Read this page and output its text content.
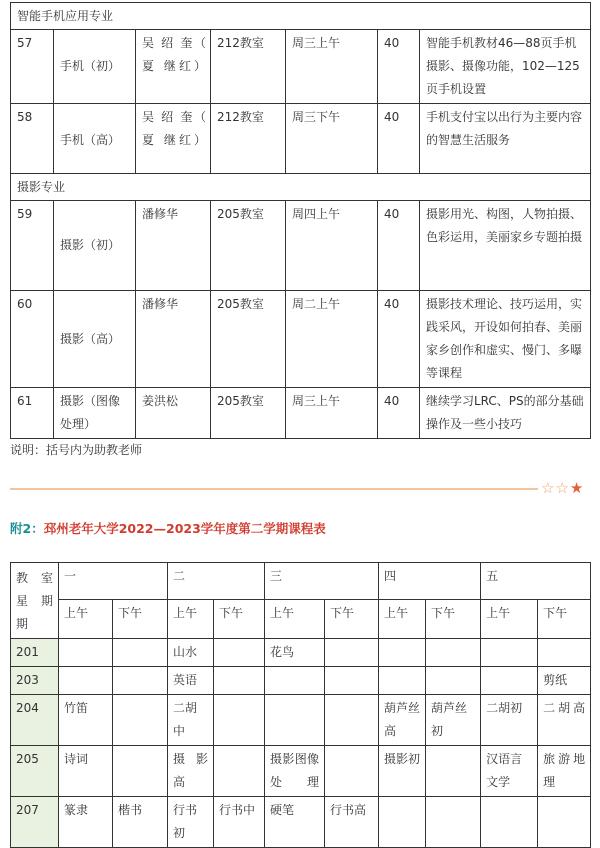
智能手机应用专业						
57	手机（初）	吴 绍 奎（ 夏 继红）	212教室	周三上午	40	智能手机教材46—88页手机摄影、摄像功能，102—125页手机设置
58	手机（高）	吴 绍 奎（ 夏 继红）	212教室	周三下午	40	手机支付宝以出行为主要内容的智慧生活服务
摄影专业						
59	摄影（初）	潘修华	205教室	周四上午	40	摄影用光、构图，人物拍摄、色彩运用，美丽家乡专题拍摄
60	摄影（高）	潘修华	205教室	周二上午	40	摄影技术理论、技巧运用，实践采风，开设如何拍春、美丽家乡创作和虚实、慢门、多曝等课程
61	摄影（图像处理）	姜洪松	205教室	周三上午	40	继续学习LRC、PS的部分基础操作及一些小技巧
说明：括号内为助教老师
☆☆★
附2：邳州老年大学2022—2023学年度第二学期课程表
教室
星期
期	一		二		三		四		五	
	上午	下午	上午	下午	上午	下午	上午	下午	上午	下午
201			山水		花鸟					
203			英语							剪纸
204	竹笛		二胡中				葫芦丝高	葫芦丝初	二胡初	二胡高
205	诗词		摄影高		摄影图像处理		摄影初		汉语言文学	旅游地理
207	篆隶	楷书	行书初	行书中	硬笔	行书高				
